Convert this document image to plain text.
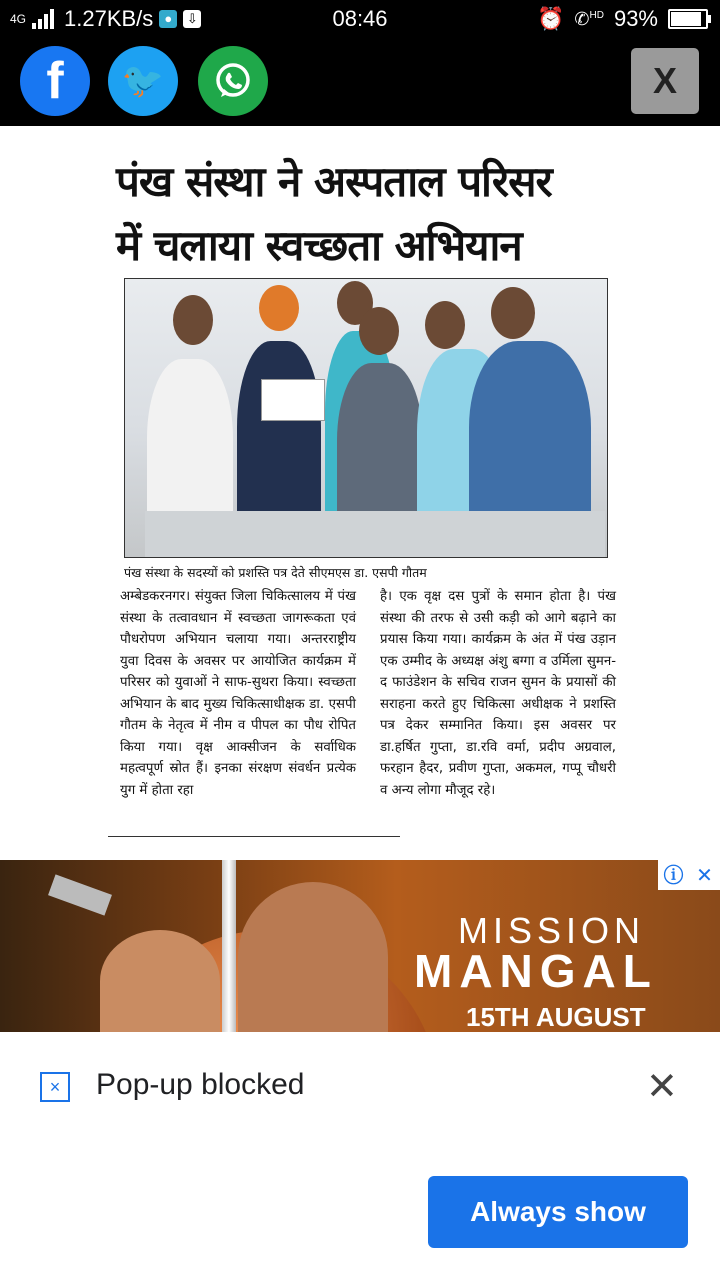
4G 1.27KB/s ●	⇩	08:46	⏰ ✆$^{HD}$ 93%
f 🐦	X
पंख संस्था ने अस्पताल परिसर
में चलाया स्वच्छता अभियान
पंख संस्था के सदस्यों को प्रशस्ति पत्र देते सीएमएस डा. एसपी गौतम
अम्बेडकरनगर। संयुक्त जिला चिकित्सालय में पंख संस्था के तत्वावधान में स्वच्छता जागरूकता एवं पौधरोपण अभियान चलाया गया। अन्तरराष्ट्रीय युवा दिवस के अवसर पर आयोजित कार्यक्रम में परिसर को युवाओं ने साफ-सुथरा किया। स्वच्छता अभियान के बाद मुख्य चिकित्साधीक्षक डा. एसपी गौतम के नेतृत्व में नीम व पीपल का पौध रोपित किया गया। वृक्ष आक्सीजन के सर्वाधिक महत्वपूर्ण स्रोत हैं। इनका संरक्षण संवर्धन प्रत्येक युग में होता रहा
है। एक वृक्ष दस पुत्रों के समान होता है। पंख संस्था की तरफ से उसी कड़ी को आगे बढ़ाने का प्रयास किया गया। कार्यक्रम के अंत में पंख उड़ान एक उम्मीद के अध्यक्ष अंशु बग्गा व उर्मिला सुमन-द फाउंडेशन के सचिव राजन सुमन के प्रयासों की सराहना करते हुए चिकित्सा अधीक्षक ने प्रशस्ति पत्र देकर सम्मानित किया। इस अवसर पर डा.हर्षित गुप्ता, डा.रवि वर्मा, प्रदीप अग्रवाल, फरहान हैदर, प्रवीण गुप्ता, अकमल, गप्पू चौधरी व अन्य लोगा मौजूद रहे।
MISSION
MANGAL
15TH AUGUST
ⓘ ✕
×	Pop-up blocked	✕
Always show
